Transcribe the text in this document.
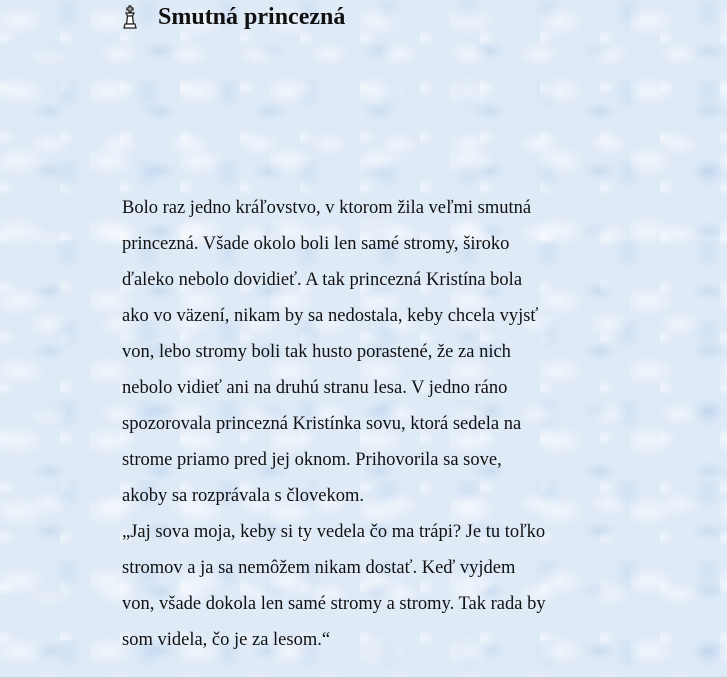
Smutná princezná
Bolo raz jedno kráľovstvo, v ktorom žila veľmi smutná
princezná. Všade okolo boli len samé stromy, široko
ďaleko nebolo dovidieť. A tak princezná Kristína bola
ako vo väzení, nikam by sa nedostala, keby chcela vyjsť
von, lebo stromy boli tak husto porastené, že za nich
nebolo vidieť ani na druhú stranu lesa. V jedno ráno
spozorovala princezná Kristínka sovu, ktorá sedela na
strome priamo pred jej oknom. Prihovorila sa sove,
akoby sa rozprávala s človekom.
„Jaj sova moja, keby si ty vedela čo ma trápi? Je tu toľko
stromov a ja sa nemôžem nikam dostať. Keď vyjdem
von, všade dokola len samé stromy a stromy. Tak rada by
som videla, čo je za lesom.“
